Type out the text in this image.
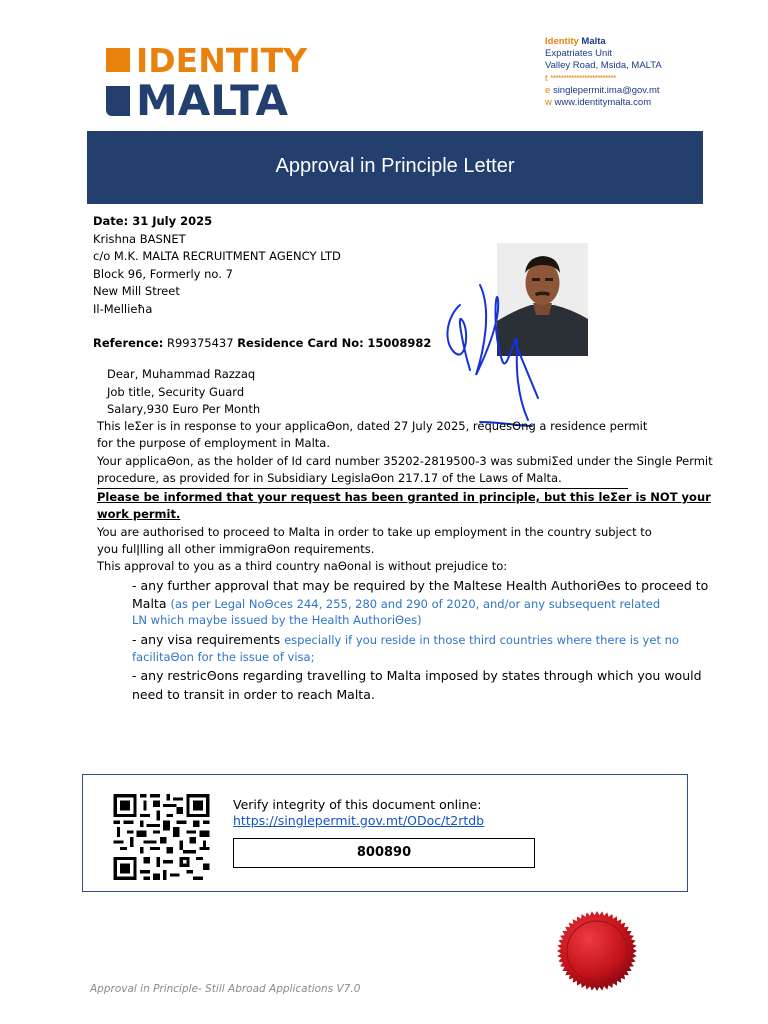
IDENTITY
MALTA
Identity Malta
Expatriates Unit
Valley Road, Msida, MALTA
t *************************
e singlepermit.ima@gov.mt
w www.identitymalta.com
Approval in Principle Letter
Date: 31 July 2025
Krishna BASNET
c/o M.K. MALTA RECRUITMENT AGENCY LTD
Block 96, Formerly no. 7
New Mill Street
Il-Mellieħa
Reference: R99375437 Residence Card No: 15008982
Dear, Muhammad Razzaq
Job title, Security Guard
Salary,930 Euro Per Month
This leΣer is in response to your applicaΘon, dated 27 July 2025, requesΘng a residence permit
for the purpose of employment in Malta.
Your applicaΘon, as the holder of Id card number 35202-2819500-3 was submiΣed under the Single Permit
procedure, as provided for in Subsidiary LegislaΘon 217.17 of the Laws of Malta.
Please be informed that your request has been granted in principle, but this leΣer is NOT your
work permit.
You are authorised to proceed to Malta in order to take up employment in the country subject to
you fulǀlling all other immigraΘon requirements.
This approval to you as a third country naΘonal is without prejudice to:
- any further approval that may be required by the Maltese Health AuthoriΘes to proceed to
Malta (as per Legal NoΘces 244, 255, 280 and 290 of 2020, and/or any subsequent related
LN which maybe issued by the Health AuthoriΘes)
- any visa requirements especially if you reside in those third countries where there is yet no
facilitaΘon for the issue of visa;
- any restricΘons regarding travelling to Malta imposed by states through which you would
need to transit in order to reach Malta.
Verify integrity of this document online:
https://singlepermit.gov.mt/ODoc/t2rtdb
800890
Approval in Principle- Still Abroad Applications V7.0
